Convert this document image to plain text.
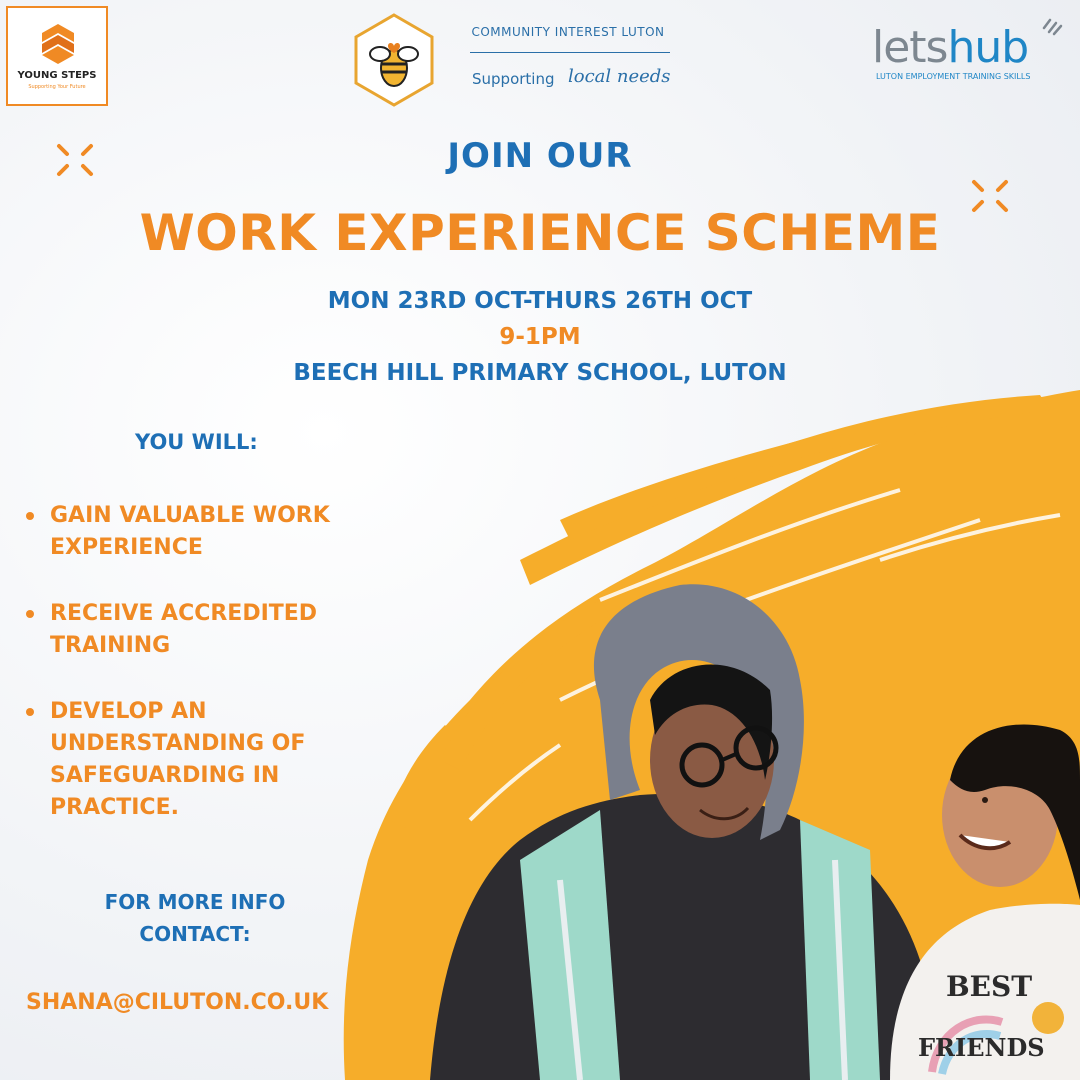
YOUNG STEPS
Supporting Your Future
COMMUNITY INTEREST LUTON
Supporting local needs
letshub
LUTON EMPLOYMENT TRAINING SKILLS
JOIN OUR
WORK EXPERIENCE SCHEME
MON 23RD OCT-THURS 26TH OCT
9-1PM
BEECH HILL PRIMARY SCHOOL, LUTON
YOU WILL:
GAIN VALUABLE WORK EXPERIENCE
RECEIVE ACCREDITED TRAINING
DEVELOP AN UNDERSTANDING OF SAFEGUARDING IN PRACTICE.
FOR MORE INFO
CONTACT:
SHANA@CILUTON.CO.UK	BEST
FRIENDS
